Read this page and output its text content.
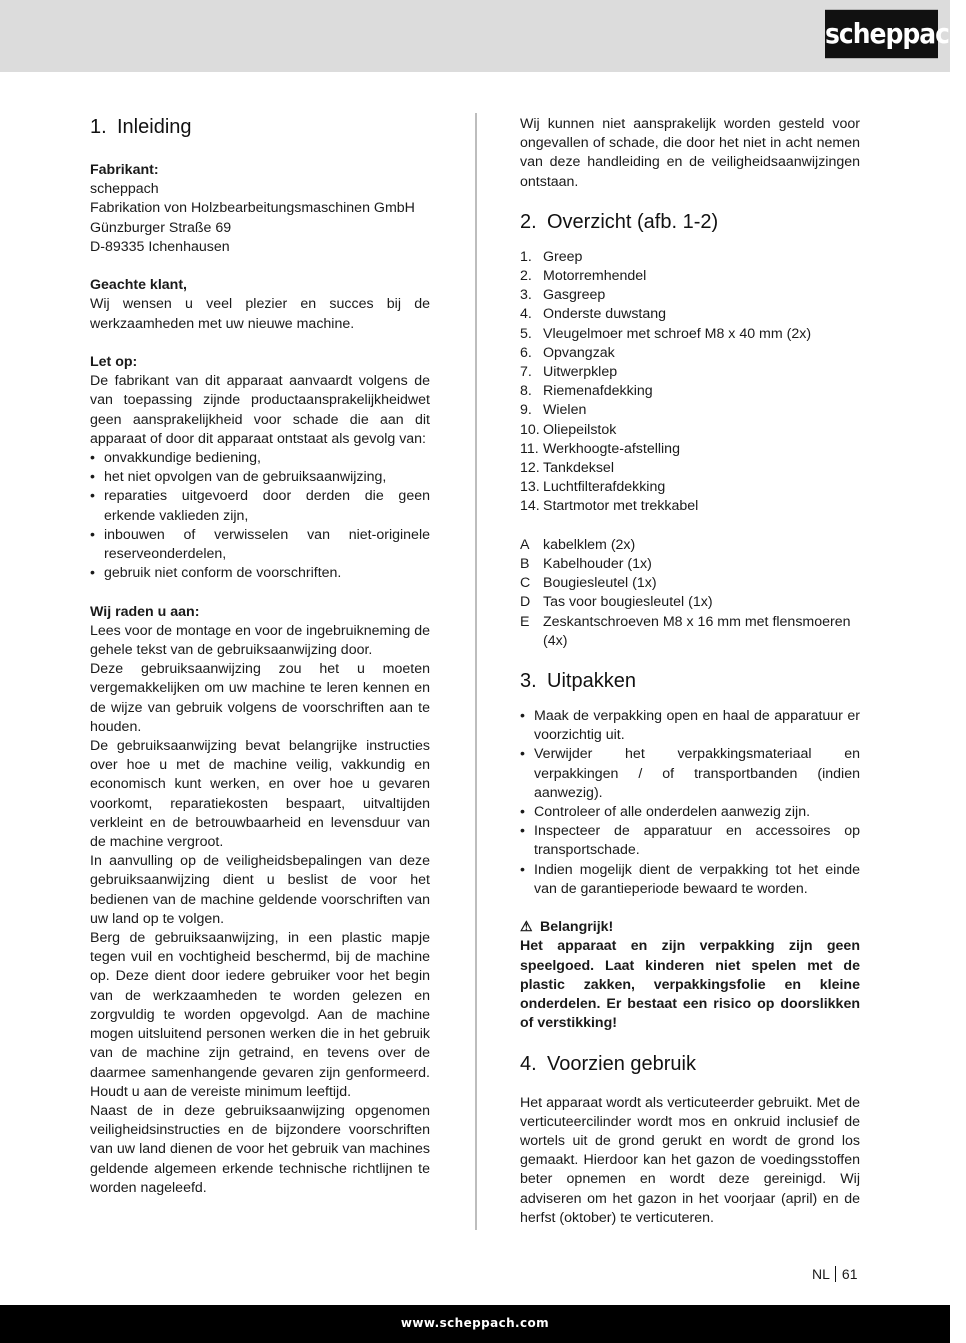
scheppach
1. Inleiding
Fabrikant:
scheppach
Fabrikation von Holzbearbeitungsmaschinen GmbH
Günzburger Straße 69
D-89335 Ichenhausen
Geachte klant,

Wij wensen u veel plezier en succes bij de werkzaamheden met uw nieuwe machine.

Let op:

De fabrikant van dit apparaat aanvaardt volgens de van toepassing zijnde productaansprakelijkheidwet geen aansprakelijkheid voor schade die aan dit apparaat of door dit apparaat ontstaat als gevolg van:

• onvakkundige bediening,
• het niet opvolgen van de gebruiksaanwijzing,
• reparaties uitgevoerd door derden die geen erkende vaklieden zijn,
• inbouwen of verwisselen van niet-originele reserveonderdelen,
• gebruik niet conform de voorschriften.
Wij raden u aan:

Lees voor de montage en voor de ingebruikneming de gehele tekst van de gebruiksaanwijzing door.

Deze gebruiksaanwijzing zou het u moeten vergemakkelijken om uw machine te leren kennen en de wijze van gebruik volgens de voorschriften aan te houden.

De gebruiksaanwijzing bevat belangrijke instructies over hoe u met de machine veilig, vakkundig en economisch kunt werken, en over hoe u gevaren voorkomt, reparatiekosten bespaart, uitvaltijden verkleint en de betrouwbaarheid en levensduur van de machine vergroot.

In aanvulling op de veiligheidsbepalingen van deze gebruiksaanwijzing dient u beslist de voor het bedienen van de machine geldende voorschriften van uw land op te volgen.

Berg de gebruiksaanwijzing, in een plastic mapje tegen vuil en vochtigheid beschermd, bij de machine op. Deze dient door iedere gebruiker voor het begin van de werkzaamheden te worden gelezen en zorgvuldig te worden opgevolgd. Aan de machine mogen uitsluitend personen werken die in het gebruik van de machine zijn getraind, en tevens over de daarmee samenhangende gevaren zijn genformeerd. Houdt u aan de vereiste minimum leeftijd.

Naast de in deze gebruiksaanwijzing opgenomen veiligheidsinstructies en de bijzondere voorschriften van uw land dienen de voor het gebruik van machines geldende algemeen erkende technische richtlijnen te worden nageleefd.

Wij kunnen niet aansprakelijk worden gesteld voor ongevallen of schade, die door het niet in acht nemen van deze handleiding en de veiligheidsaanwijzingen ontstaan.

2. Overzicht (afb. 1-2)
1. Greep
2. Motorremhendel
3. Gasgreep
4. Onderste duwstang
5. Vleugelmoer met schroef M8 x 40 mm (2x)
6. Opvangzak
7. Uitwerpklep
8. Riemenafdekking
9. Wielen
10. Oliepeilstok
11. Werkhoogte-afstelling
12. Tankdeksel
13. Luchtfilterafdekking
14. Startmotor met trekkabel
A kabelklem (2x)
B Kabelhouder (1x)
C Bougiesleutel (1x)
D Tas voor bougiesleutel (1x)
E Zeskantschroeven M8 x 16 mm met flensmoeren (4x)
3. Uitpakken
• Maak de verpakking open en haal de apparatuur er voorzichtig uit.
• Verwijder het verpakkingsmateriaal en verpakkingen / of transportbanden (indien aanwezig).
• Controleer of alle onderdelen aanwezig zijn.
• Inspecteer de apparatuur en accessoires op transportschade.
• Indien mogelijk dient de verpakking tot het einde van de garantieperiode bewaard te worden.
⚠ Belangrijk!

Het apparaat en zijn verpakking zijn geen speelgoed. Laat kinderen niet spelen met de plastic zakken, verpakkingsfolie en kleine onderdelen. Er bestaat een risico op doorslikken of verstikking!

4. Voorzien gebruik

Het apparaat wordt als verticuteerder gebruikt. Met de verticuteercilinder wordt mos en onkruid inclusief de wortels uit de grond gerukt en wordt de grond los gemaakt. Hierdoor kan het gazon de voedingsstoffen beter opnemen en wordt deze gereinigd. Wij adviseren om het gazon in het voorjaar (april) en de herfst (oktober) te verticuteren.

NL 61
www.scheppach.com
